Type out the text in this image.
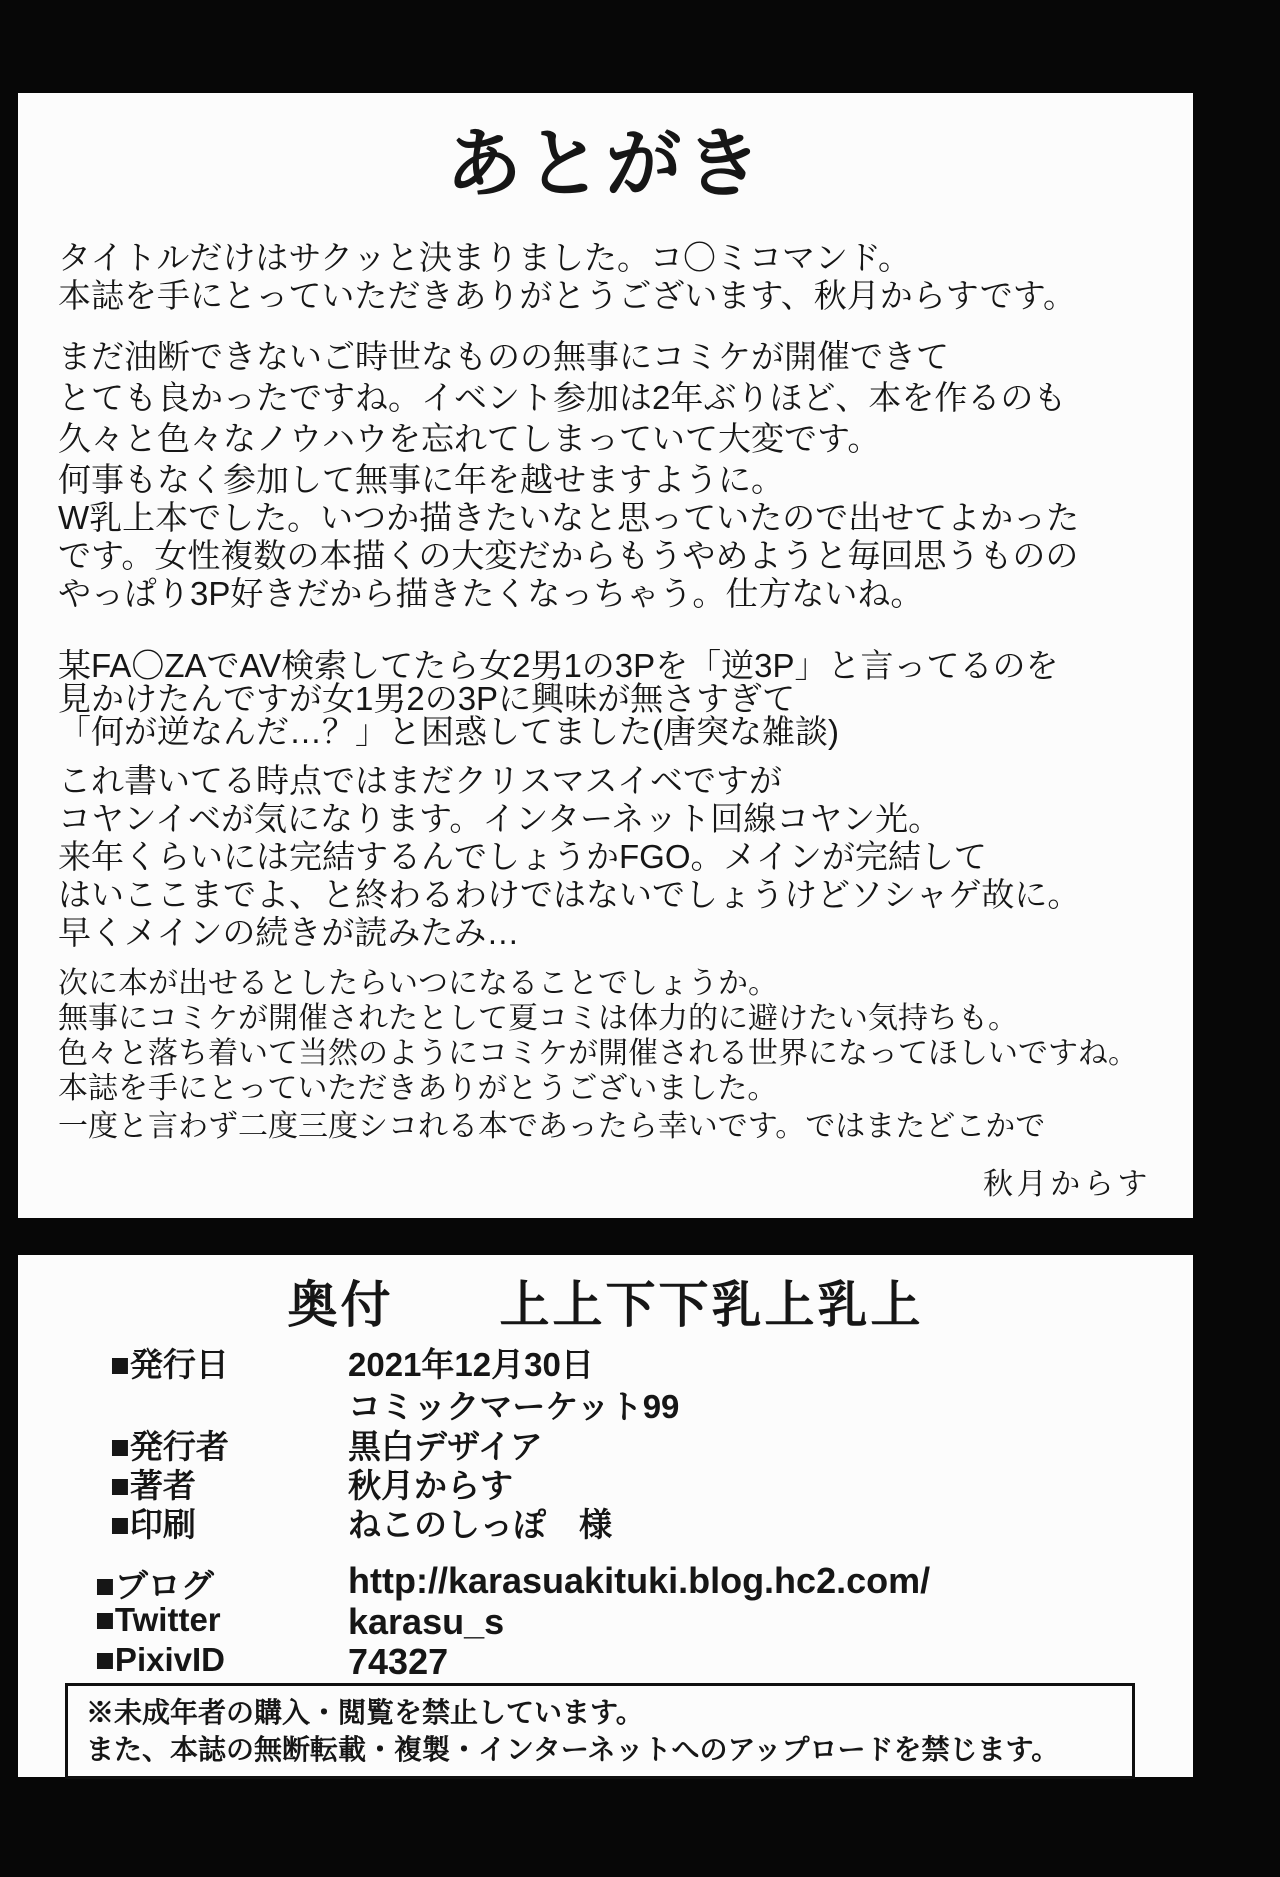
あとがき

タイトルだけはサクッと決まりました。コ〇ミコマンド。
本誌を手にとっていただきありがとうございます、秋月からすです。

まだ油断できないご時世なものの無事にコミケが開催できて
とても良かったですね。イベント参加は2年ぶりほど、本を作るのも
久々と色々なノウハウを忘れてしまっていて大変です。
何事もなく参加して無事に年を越せますように。

W乳上本でした。いつか描きたいなと思っていたので出せてよかった
です。女性複数の本描くの大変だからもうやめようと毎回思うものの
やっぱり3P好きだから描きたくなっちゃう。仕方ないね。

某FA〇ZAでAV検索してたら女2男1の3Pを「逆3P」と言ってるのを
見かけたんですが女1男2の3Pに興味が無さすぎて
「何が逆なんだ…？」と困惑してました(唐突な雑談)

これ書いてる時点ではまだクリスマスイベですが
コヤンイベが気になります。インターネット回線コヤン光。
来年くらいには完結するんでしょうかFGO。メインが完結して
はいここまでよ、と終わるわけではないでしょうけどソシャゲ故に。
早くメインの続きが読みたみ…

次に本が出せるとしたらいつになることでしょうか。
無事にコミケが開催されたとして夏コミは体力的に避けたい気持ちも。
色々と落ち着いて当然のようにコミケが開催される世界になってほしいですね。

本誌を手にとっていただきありがとうございました。
一度と言わず二度三度シコれる本であったら幸いです。ではまたどこかで

秋月からす
奥付　　上上下下乳上乳上
■発行日	2021年12月30日
コミックマーケット99
■発行者	黒白デザイア
■著者	秋月からす
■印刷	ねこのしっぽ　様
■ブログ	http://karasuakituki.blog.hc2.com/
■Twitter	karasu_s
■PixivID	74327
※未成年者の購入・閲覧を禁止しています。
また、本誌の無断転載・複製・インターネットへのアップロードを禁じます。
